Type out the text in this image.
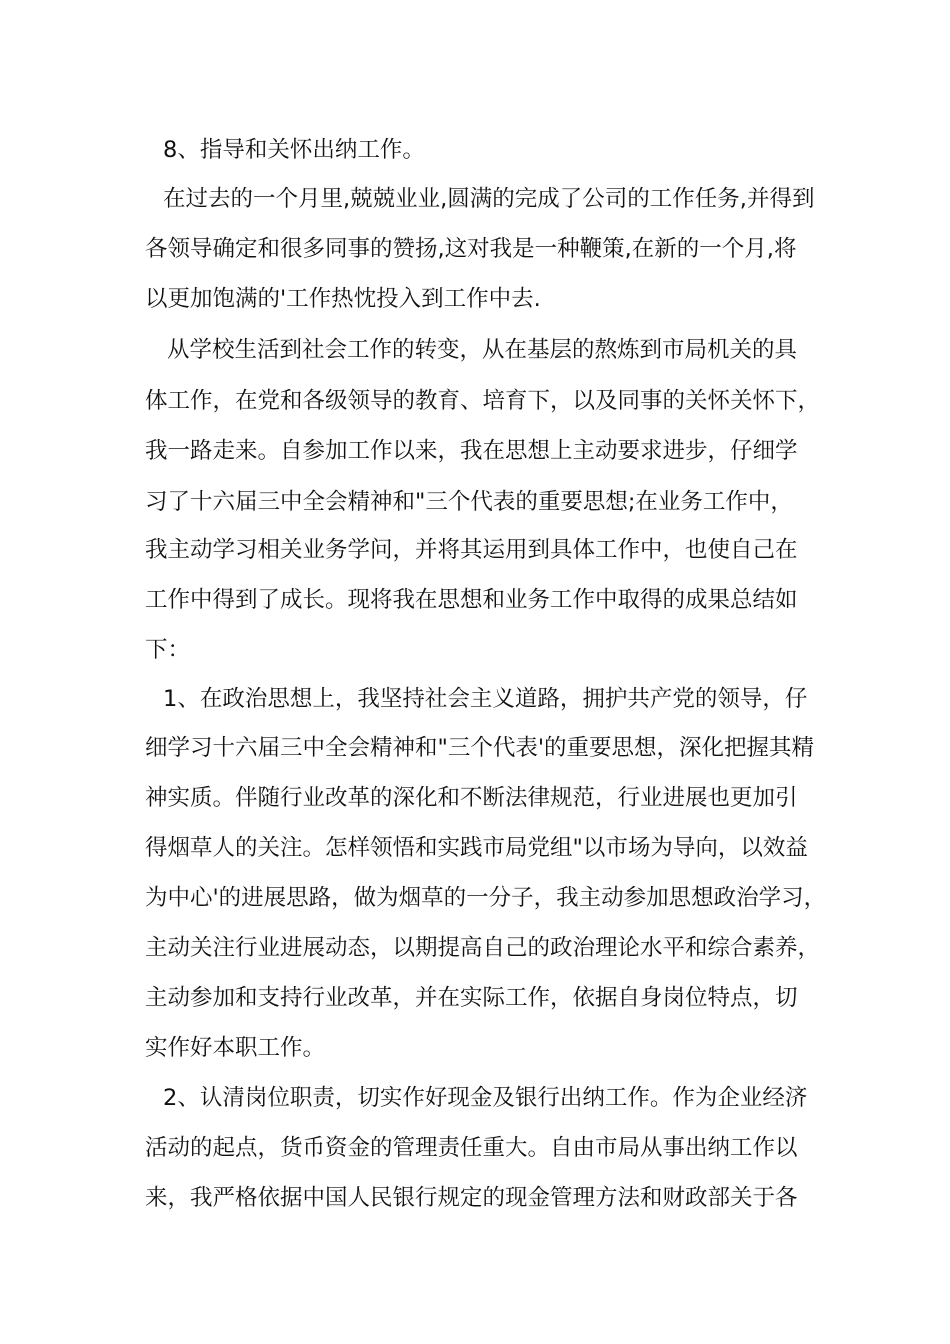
8、指导和关怀出纳工作。

在过去的一个月里,兢兢业业,圆满的完成了公司的工作任务,并得到

各领导确定和很多同事的赞扬,这对我是一种鞭策,在新的一个月,将

以更加饱满的'工作热忱投入到工作中去.

从学校生活到社会工作的转变，从在基层的熬炼到市局机关的具

体工作，在党和各级领导的教育、培育下，以及同事的关怀关怀下，

我一路走来。自参加工作以来，我在思想上主动要求进步，仔细学

习了十六届三中全会精神和"三个代表的重要思想;在业务工作中，

我主动学习相关业务学问，并将其运用到具体工作中，也使自己在

工作中得到了成长。现将我在思想和业务工作中取得的成果总结如

下：

1、在政治思想上，我坚持社会主义道路，拥护共产党的领导，仔

细学习十六届三中全会精神和"三个代表'的重要思想，深化把握其精

神实质。伴随行业改革的深化和不断法律规范，行业进展也更加引

得烟草人的关注。怎样领悟和实践市局党组"以市场为导向，以效益

为中心'的进展思路，做为烟草的一分子，我主动参加思想政治学习，

主动关注行业进展动态，以期提高自己的政治理论水平和综合素养，

主动参加和支持行业改革，并在实际工作，依据自身岗位特点，切

实作好本职工作。

2、认清岗位职责，切实作好现金及银行出纳工作。作为企业经济

活动的起点，货币资金的管理责任重大。自由市局从事出纳工作以

来，我严格依据中国人民银行规定的现金管理方法和财政部关于各
